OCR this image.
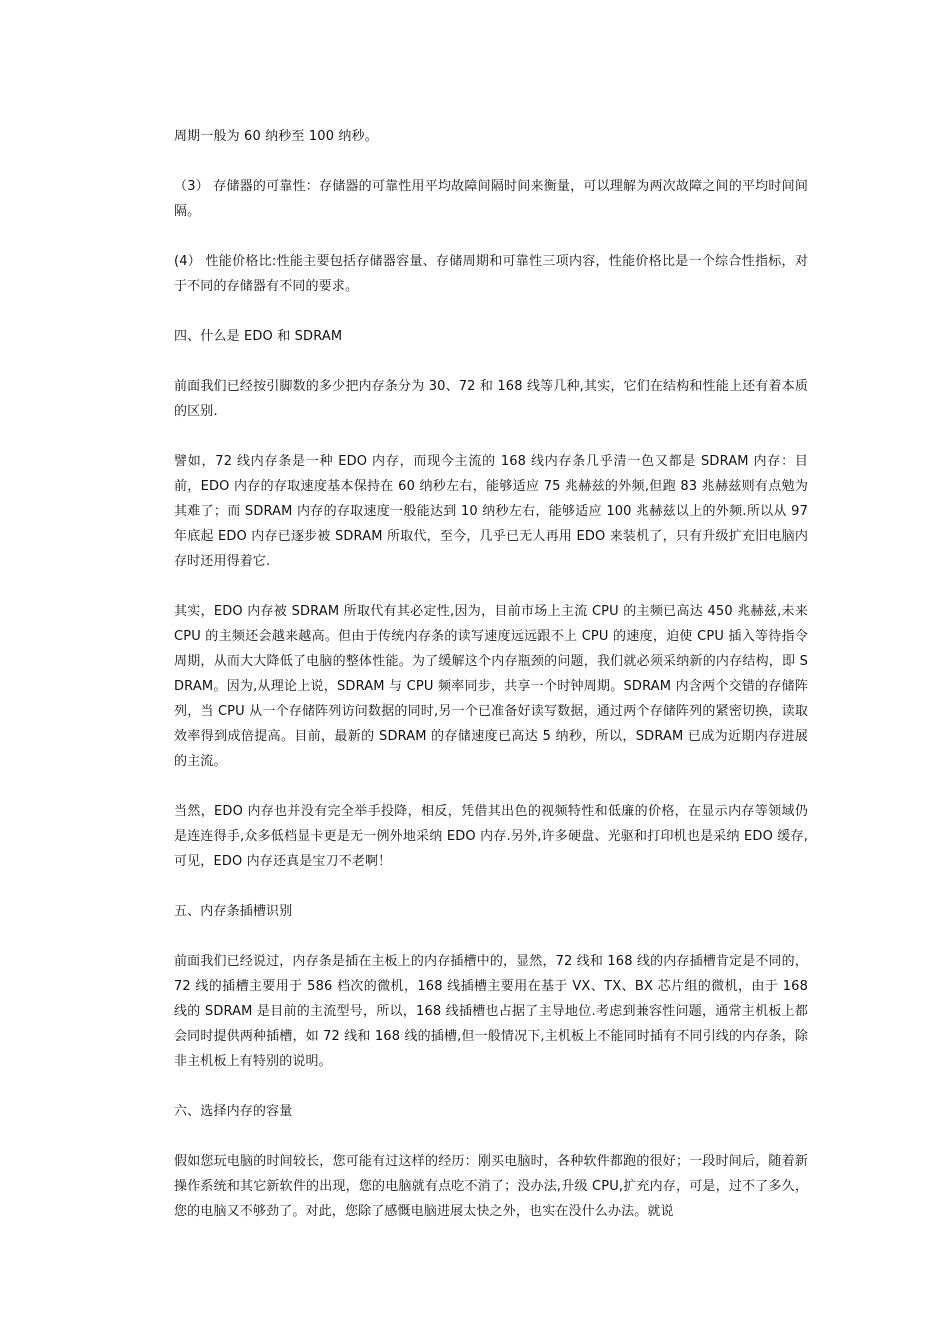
周期一般为 60 纳秒至 100 纳秒。

（3） 存储器的可靠性：存储器的可靠性用平均故障间隔时间来衡量，可以理解为两次故障之间的平均时间间隔。

(4） 性能价格比:性能主要包括存储器容量、存储周期和可靠性三项内容，性能价格比是一个综合性指标，对于不同的存储器有不同的要求。

四、什么是 EDO 和 SDRAM

前面我们已经按引脚数的多少把内存条分为 30、72 和 168 线等几种,其实，它们在结构和性能上还有着本质的区别.

譬如，72 线内存条是一种 EDO 内存，而现今主流的 168 线内存条几乎清一色又都是 SDRAM 内存：目前，EDO 内存的存取速度基本保持在 60 纳秒左右，能够适应 75 兆赫兹的外频,但跑 83 兆赫兹则有点勉为其难了；而 SDRAM 内存的存取速度一般能达到 10 纳秒左右，能够适应 100 兆赫兹以上的外频.所以从 97 年底起 EDO 内存已逐步被 SDRAM 所取代，至今，几乎已无人再用 EDO 来装机了，只有升级扩充旧电脑内存时还用得着它.

其实，EDO 内存被 SDRAM 所取代有其必定性,因为，目前市场上主流 CPU 的主频已高达 450 兆赫兹,未来 CPU 的主频还会越来越高。但由于传统内存条的读写速度远远跟不上 CPU 的速度，迫使 CPU 插入等待指令周期，从而大大降低了电脑的整体性能。为了缓解这个内存瓶颈的问题，我们就必须采纳新的内存结构，即 SDRAM。因为,从理论上说，SDRAM 与 CPU 频率同步，共享一个时钟周期。SDRAM 内含两个交错的存储阵列，当 CPU 从一个存储阵列访问数据的同时,另一个已准备好读写数据，通过两个存储阵列的紧密切换，读取效率得到成倍提高。目前，最新的 SDRAM 的存储速度已高达 5 纳秒，所以，SDRAM 已成为近期内存进展的主流。

当然，EDO 内存也并没有完全举手投降，相反，凭借其出色的视频特性和低廉的价格，在显示内存等领域仍是连连得手,众多低档显卡更是无一例外地采纳 EDO 内存.另外,许多硬盘、光驱和打印机也是采纳 EDO 缓存,可见，EDO 内存还真是宝刀不老啊！

五、内存条插槽识别

前面我们已经说过，内存条是插在主板上的内存插槽中的，显然，72 线和 168 线的内存插槽肯定是不同的，72 线的插槽主要用于 586 档次的微机，168 线插槽主要用在基于 VX、TX、BX 芯片组的微机，由于 168 线的 SDRAM 是目前的主流型号，所以，168 线插槽也占据了主导地位.考虑到兼容性问题，通常主机板上都会同时提供两种插槽，如 72 线和 168 线的插槽,但一般情况下,主机板上不能同时插有不同引线的内存条，除非主机板上有特别的说明。

六、选择内存的容量

假如您玩电脑的时间较长，您可能有过这样的经历：刚买电脑时，各种软件都跑的很好；一段时间后，随着新操作系统和其它新软件的出现，您的电脑就有点吃不消了；没办法,升级 CPU,扩充内存，可是，过不了多久，您的电脑又不够劲了。对此，您除了感慨电脑进展太快之外，也实在没什么办法。就说
